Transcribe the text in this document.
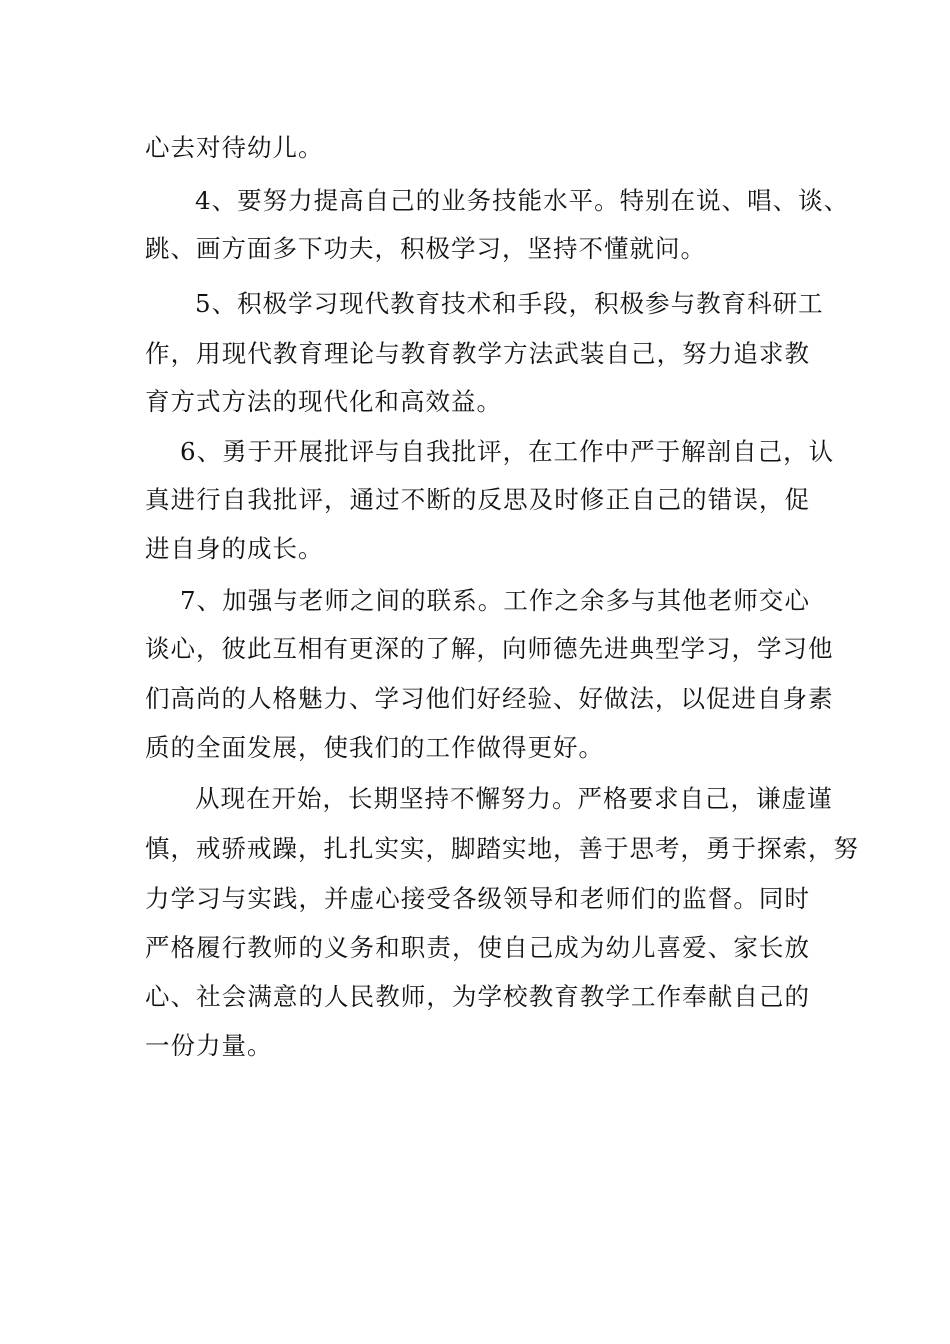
心去对待幼儿。
4、要努力提高自己的业务技能水平。特别在说、唱、谈、
跳、画方面多下功夫，积极学习，坚持不懂就问。
5、积极学习现代教育技术和手段，积极参与教育科研工
作，用现代教育理论与教育教学方法武装自己，努力追求教
育方式方法的现代化和高效益。
6、勇于开展批评与自我批评，在工作中严于解剖自己，认
真进行自我批评，通过不断的反思及时修正自己的错误，促
进自身的成长。
7、加强与老师之间的联系。工作之余多与其他老师交心
谈心，彼此互相有更深的了解，向师德先进典型学习，学习他
们高尚的人格魅力、学习他们好经验、好做法，以促进自身素
质的全面发展，使我们的工作做得更好。
从现在开始，长期坚持不懈努力。严格要求自己，谦虚谨
慎，戒骄戒躁，扎扎实实，脚踏实地，善于思考，勇于探索，努
力学习与实践，并虚心接受各级领导和老师们的监督。同时
严格履行教师的义务和职责，使自己成为幼儿喜爱、家长放
心、社会满意的人民教师，为学校教育教学工作奉献自己的
一份力量。
